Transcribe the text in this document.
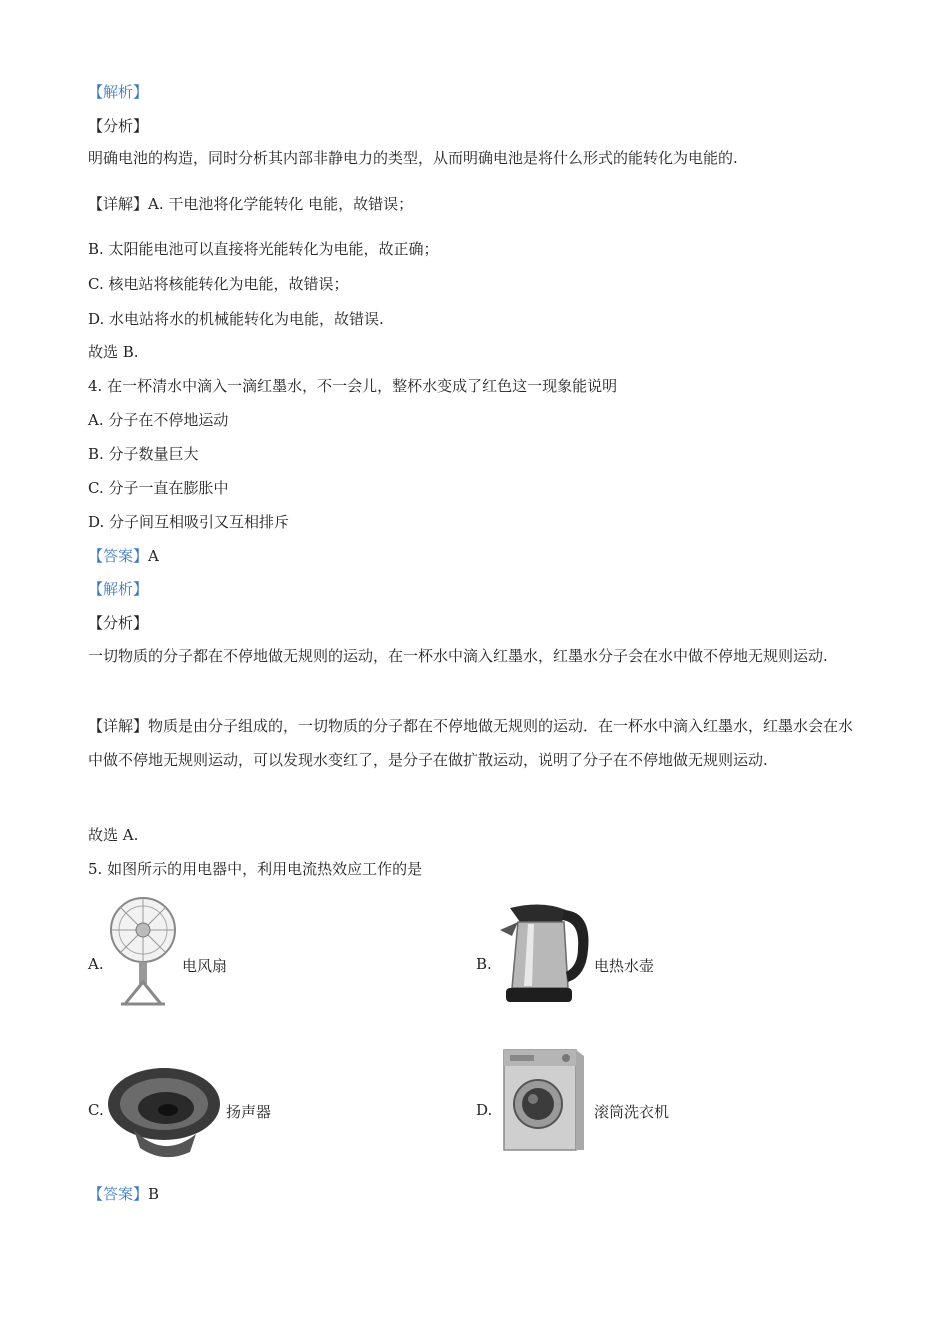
【解析】
【分析】
明确电池的构造，同时分析其内部非静电力的类型，从而明确电池是将什么形式的能转化为电能的.
【详解】A. 干电池将化学能转化 电能，故错误；
B. 太阳能电池可以直接将光能转化为电能，故正确；
C. 核电站将核能转化为电能，故错误；
D. 水电站将水的机械能转化为电能，故错误.
故选 B.
4. 在一杯清水中滴入一滴红墨水，不一会儿，整杯水变成了红色这一现象能说明
A. 分子在不停地运动
B. 分子数量巨大
C. 分子一直在膨胀中
D. 分子间互相吸引又互相排斥
【答案】A
【解析】
【分析】
一切物质的分子都在不停地做无规则的运动，在一杯水中滴入红墨水，红墨水分子会在水中做不停地无规则运动.
【详解】物质是由分子组成的，一切物质的分子都在不停地做无规则的运动．在一杯水中滴入红墨水，红墨水会在水中做不停地无规则运动，可以发现水变红了，是分子在做扩散运动，说明了分子在不停地做无规则运动.
故选 A.
5. 如图所示的用电器中，利用电流热效应工作的是
A.	电风扇	B.	电热水壶
C.	扬声器	D.	滚筒洗衣机
【答案】B
